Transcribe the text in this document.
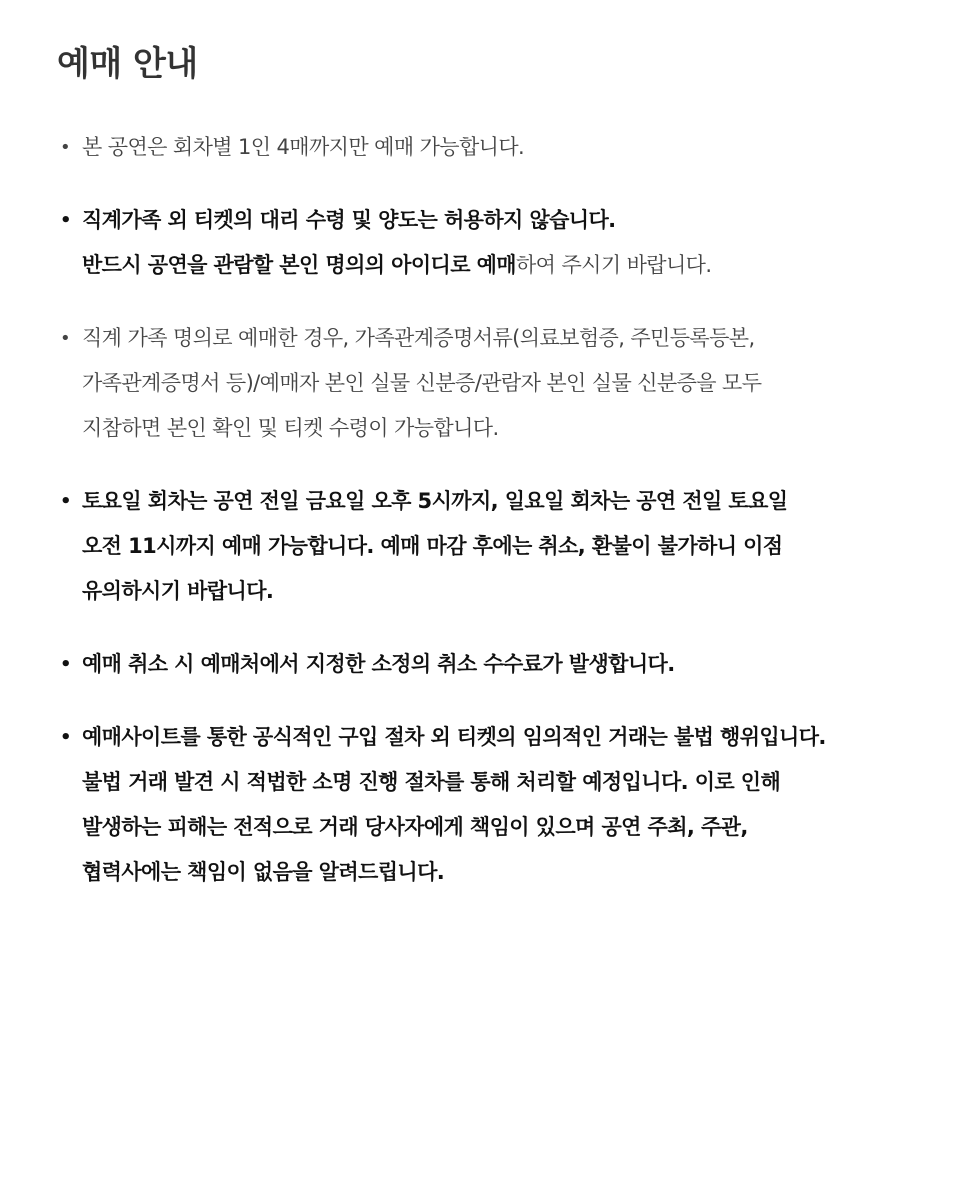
예매 안내
• 본 공연은 회차별 1인 4매까지만 예매 가능합니다.
• 직계가족 외 티켓의 대리 수령 및 양도는 허용하지 않습니다.
반드시 공연을 관람할 본인 명의의 아이디로 예매하여 주시기 바랍니다.
• 직계 가족 명의로 예매한 경우, 가족관계증명서류(의료보험증, 주민등록등본,
가족관계증명서 등)/예매자 본인 실물 신분증/관람자 본인 실물 신분증을 모두
지참하면 본인 확인 및 티켓 수령이 가능합니다.
• 토요일 회차는 공연 전일 금요일 오후 5시까지, 일요일 회차는 공연 전일 토요일
오전 11시까지 예매 가능합니다. 예매 마감 후에는 취소, 환불이 불가하니 이점
유의하시기 바랍니다.
• 예매 취소 시 예매처에서 지정한 소정의 취소 수수료가 발생합니다.
• 예매사이트를 통한 공식적인 구입 절차 외 티켓의 임의적인 거래는 불법 행위입니다.
불법 거래 발견 시 적법한 소명 진행 절차를 통해 처리할 예정입니다. 이로 인해
발생하는 피해는 전적으로 거래 당사자에게 책임이 있으며 공연 주최, 주관,
협력사에는 책임이 없음을 알려드립니다.
